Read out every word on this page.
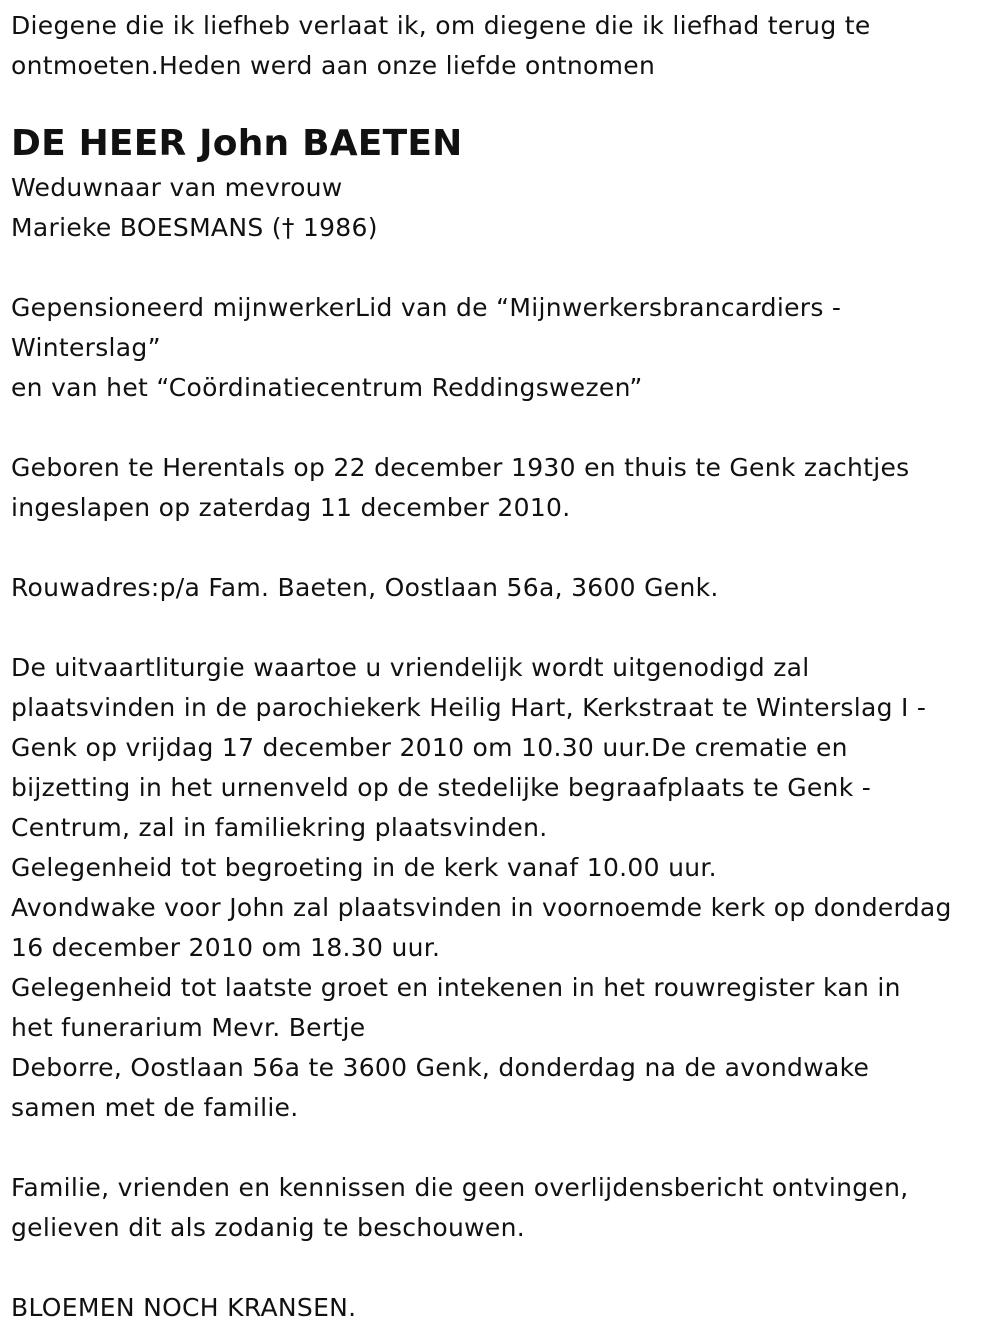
Diegene die ik liefheb verlaat ik, om diegene die ik liefhad terug te
ontmoeten.Heden werd aan onze liefde ontnomen
DE HEER John BAETEN
Weduwnaar van mevrouw
Marieke BOESMANS († 1986)
Gepensioneerd mijnwerkerLid van de “Mijnwerkersbrancardiers -
Winterslag”
en van het “Coördinatiecentrum Reddingswezen”
Geboren te Herentals op 22 december 1930 en thuis te Genk zachtjes
ingeslapen op zaterdag 11 december 2010.
Rouwadres:p/a Fam. Baeten, Oostlaan 56a, 3600 Genk.
De uitvaartliturgie waartoe u vriendelijk wordt uitgenodigd zal
plaatsvinden in de parochiekerk Heilig Hart, Kerkstraat te Winterslag I -
Genk op vrijdag 17 december 2010 om 10.30 uur.De crematie en
bijzetting in het urnenveld op de stedelijke begraafplaats te Genk -
Centrum, zal in familiekring plaatsvinden.
Gelegenheid tot begroeting in de kerk vanaf 10.00 uur.
Avondwake voor John zal plaatsvinden in voornoemde kerk op donderdag
16 december 2010 om 18.30 uur.
Gelegenheid tot laatste groet en intekenen in het rouwregister kan in
het funerarium Mevr. Bertje
Deborre, Oostlaan 56a te 3600 Genk, donderdag na de avondwake
samen met de familie.
Familie, vrienden en kennissen die geen overlijdensbericht ontvingen,
gelieven dit als zodanig te beschouwen.
BLOEMEN NOCH KRANSEN.
